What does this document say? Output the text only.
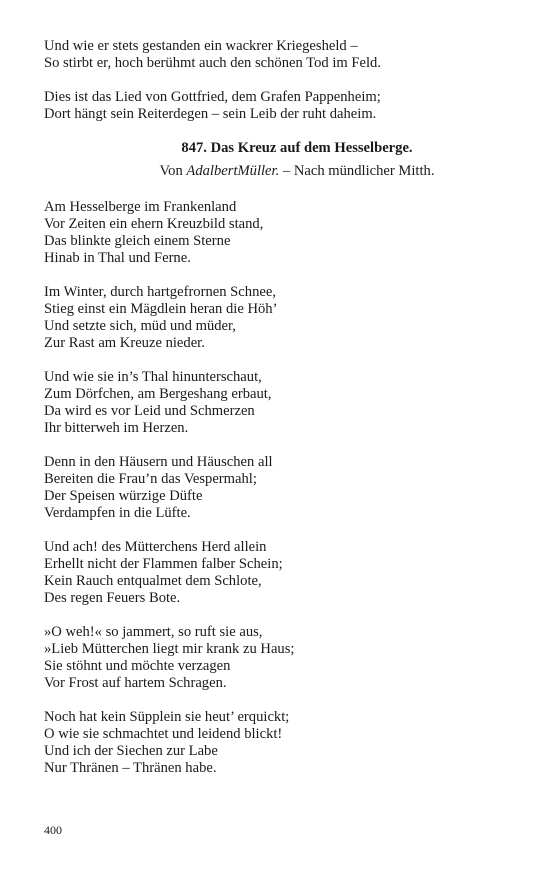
Und wie er stets gestanden ein wackrer Kriegesheld –
So stirbt er, hoch berühmt auch den schönen Tod im Feld.
Dies ist das Lied von Gottfried, dem Grafen Pappenheim;
Dort hängt sein Reiterdegen – sein Leib der ruht daheim.
847. Das Kreuz auf dem Hesselberge.
Von AdalbertMüller. – Nach mündlicher Mitth.
Am Hesselberge im Frankenland
Vor Zeiten ein ehern Kreuzbild stand,
Das blinkte gleich einem Sterne
Hinab in Thal und Ferne.
Im Winter, durch hartgefrornen Schnee,
Stieg einst ein Mägdlein heran die Höh’
Und setzte sich, müd und müder,
Zur Rast am Kreuze nieder.
Und wie sie in’s Thal hinunterschaut,
Zum Dörfchen, am Bergeshang erbaut,
Da wird es vor Leid und Schmerzen
Ihr bitterweh im Herzen.
Denn in den Häusern und Häuschen all
Bereiten die Frau’n das Vespermahl;
Der Speisen würzige Düfte
Verdampfen in die Lüfte.
Und ach! des Mütterchens Herd allein
Erhellt nicht der Flammen falber Schein;
Kein Rauch entqualmet dem Schlote,
Des regen Feuers Bote.
»O weh!« so jammert, so ruft sie aus,
»Lieb Mütterchen liegt mir krank zu Haus;
Sie stöhnt und möchte verzagen
Vor Frost auf hartem Schragen.
Noch hat kein Süpplein sie heut’ erquickt;
O wie sie schmachtet und leidend blickt!
Und ich der Siechen zur Labe
Nur Thränen – Thränen habe.
400
